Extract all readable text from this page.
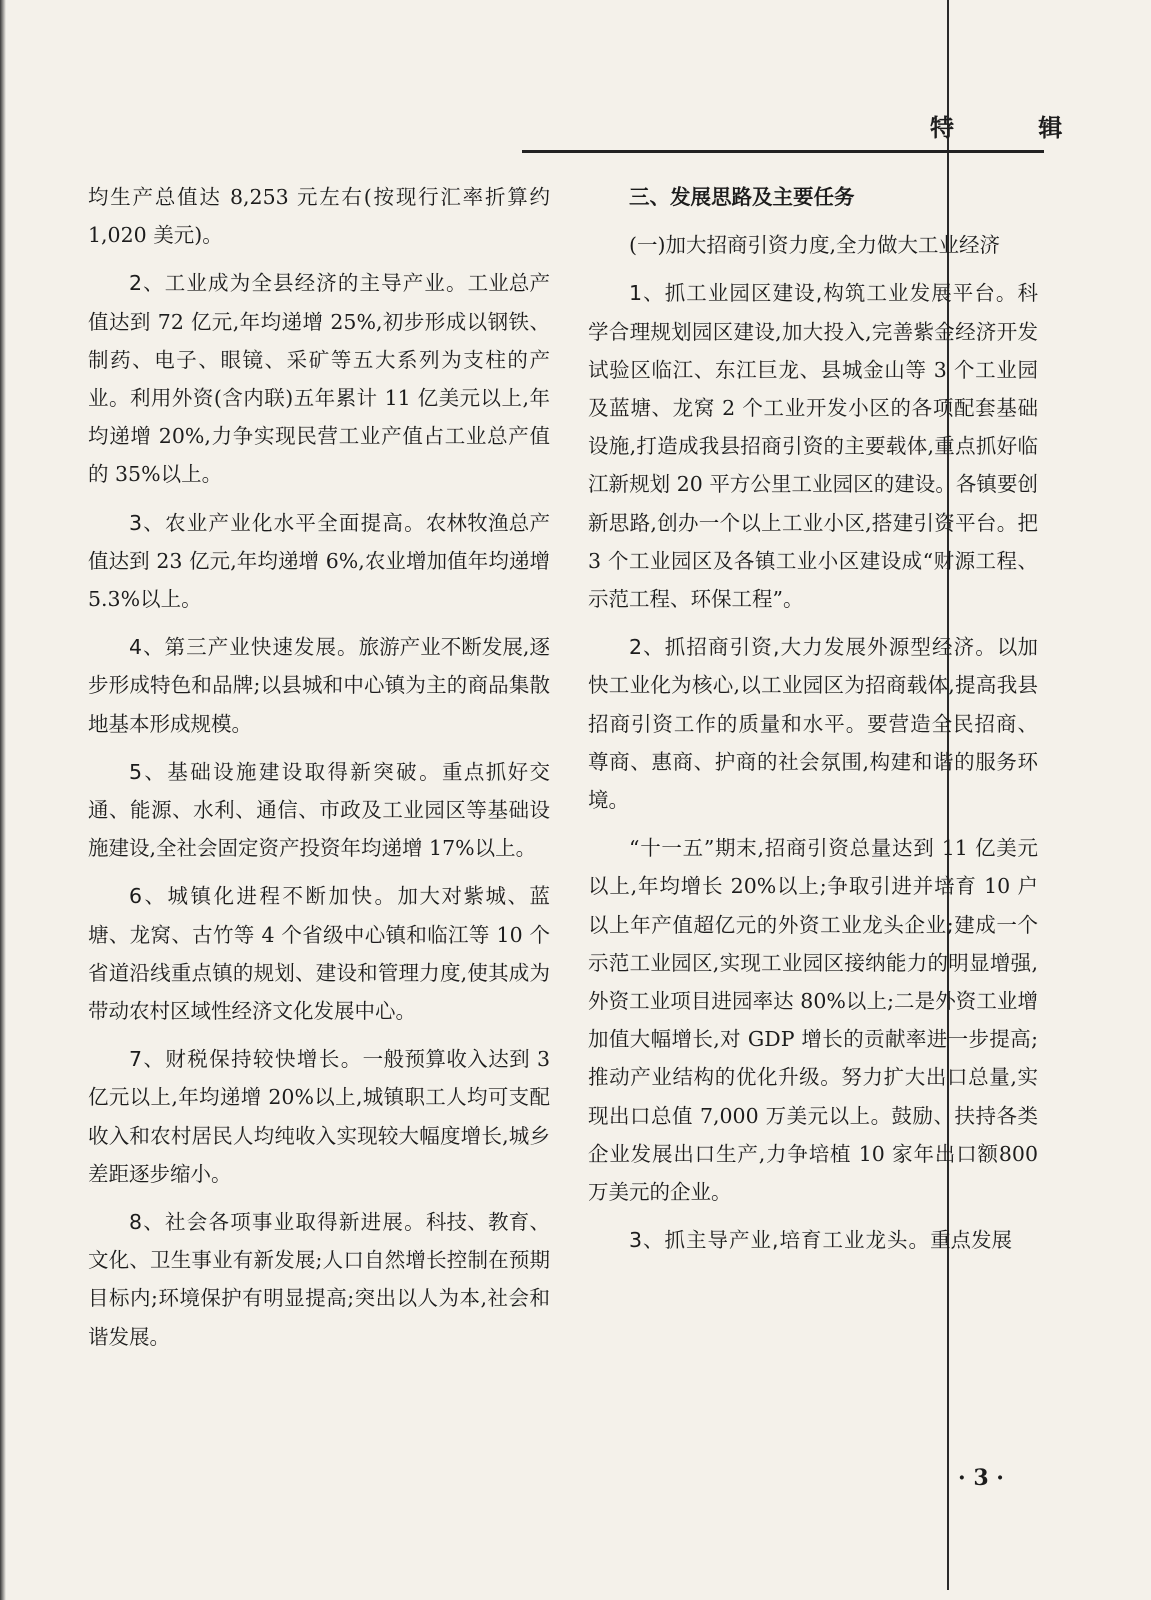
特 辑

均生产总值达 8,253 元左右(按现行汇率折算约 1,020 美元)。

2、工业成为全县经济的主导产业。工业总产值达到 72 亿元,年均递增 25%,初步形成以钢铁、制药、电子、眼镜、采矿等五大系列为支柱的产业。利用外资(含内联)五年累计 11 亿美元以上,年均递增 20%,力争实现民营工业产值占工业总产值的 35%以上。

3、农业产业化水平全面提高。农林牧渔总产值达到 23 亿元,年均递增 6%,农业增加值年均递增 5.3%以上。

4、第三产业快速发展。旅游产业不断发展,逐步形成特色和品牌;以县城和中心镇为主的商品集散地基本形成规模。

5、基础设施建设取得新突破。重点抓好交通、能源、水利、通信、市政及工业园区等基础设施建设,全社会固定资产投资年均递增 17%以上。

6、城镇化进程不断加快。加大对紫城、蓝塘、龙窝、古竹等 4 个省级中心镇和临江等 10 个省道沿线重点镇的规划、建设和管理力度,使其成为带动农村区域性经济文化发展中心。

7、财税保持较快增长。一般预算收入达到 3 亿元以上,年均递增 20%以上,城镇职工人均可支配收入和农村居民人均纯收入实现较大幅度增长,城乡差距逐步缩小。

8、社会各项事业取得新进展。科技、教育、文化、卫生事业有新发展;人口自然增长控制在预期目标内;环境保护有明显提高;突出以人为本,社会和谐发展。

三、发展思路及主要任务

(一)加大招商引资力度,全力做大工业经济

1、抓工业园区建设,构筑工业发展平台。科学合理规划园区建设,加大投入,完善紫金经济开发试验区临江、东江巨龙、县城金山等 3 个工业园及蓝塘、龙窝 2 个工业开发小区的各项配套基础设施,打造成我县招商引资的主要载体,重点抓好临江新规划 20 平方公里工业园区的建设。各镇要创新思路,创办一个以上工业小区,搭建引资平台。把 3 个工业园区及各镇工业小区建设成“财源工程、示范工程、环保工程”。

2、抓招商引资,大力发展外源型经济。以加快工业化为核心,以工业园区为招商载体,提高我县招商引资工作的质量和水平。要营造全民招商、尊商、惠商、护商的社会氛围,构建和谐的服务环境。

“十一五”期末,招商引资总量达到 11 亿美元以上,年均增长 20%以上;争取引进并培育 10 户以上年产值超亿元的外资工业龙头企业;建成一个示范工业园区,实现工业园区接纳能力的明显增强,外资工业项目进园率达 80%以上;二是外资工业增加值大幅增长,对 GDP 增长的贡献率进一步提高;推动产业结构的优化升级。努力扩大出口总量,实现出口总值 7,000 万美元以上。鼓励、扶持各类企业发展出口生产,力争培植 10 家年出口额800 万美元的企业。

3、抓主导产业,培育工业龙头。重点发展

· 3 ·
